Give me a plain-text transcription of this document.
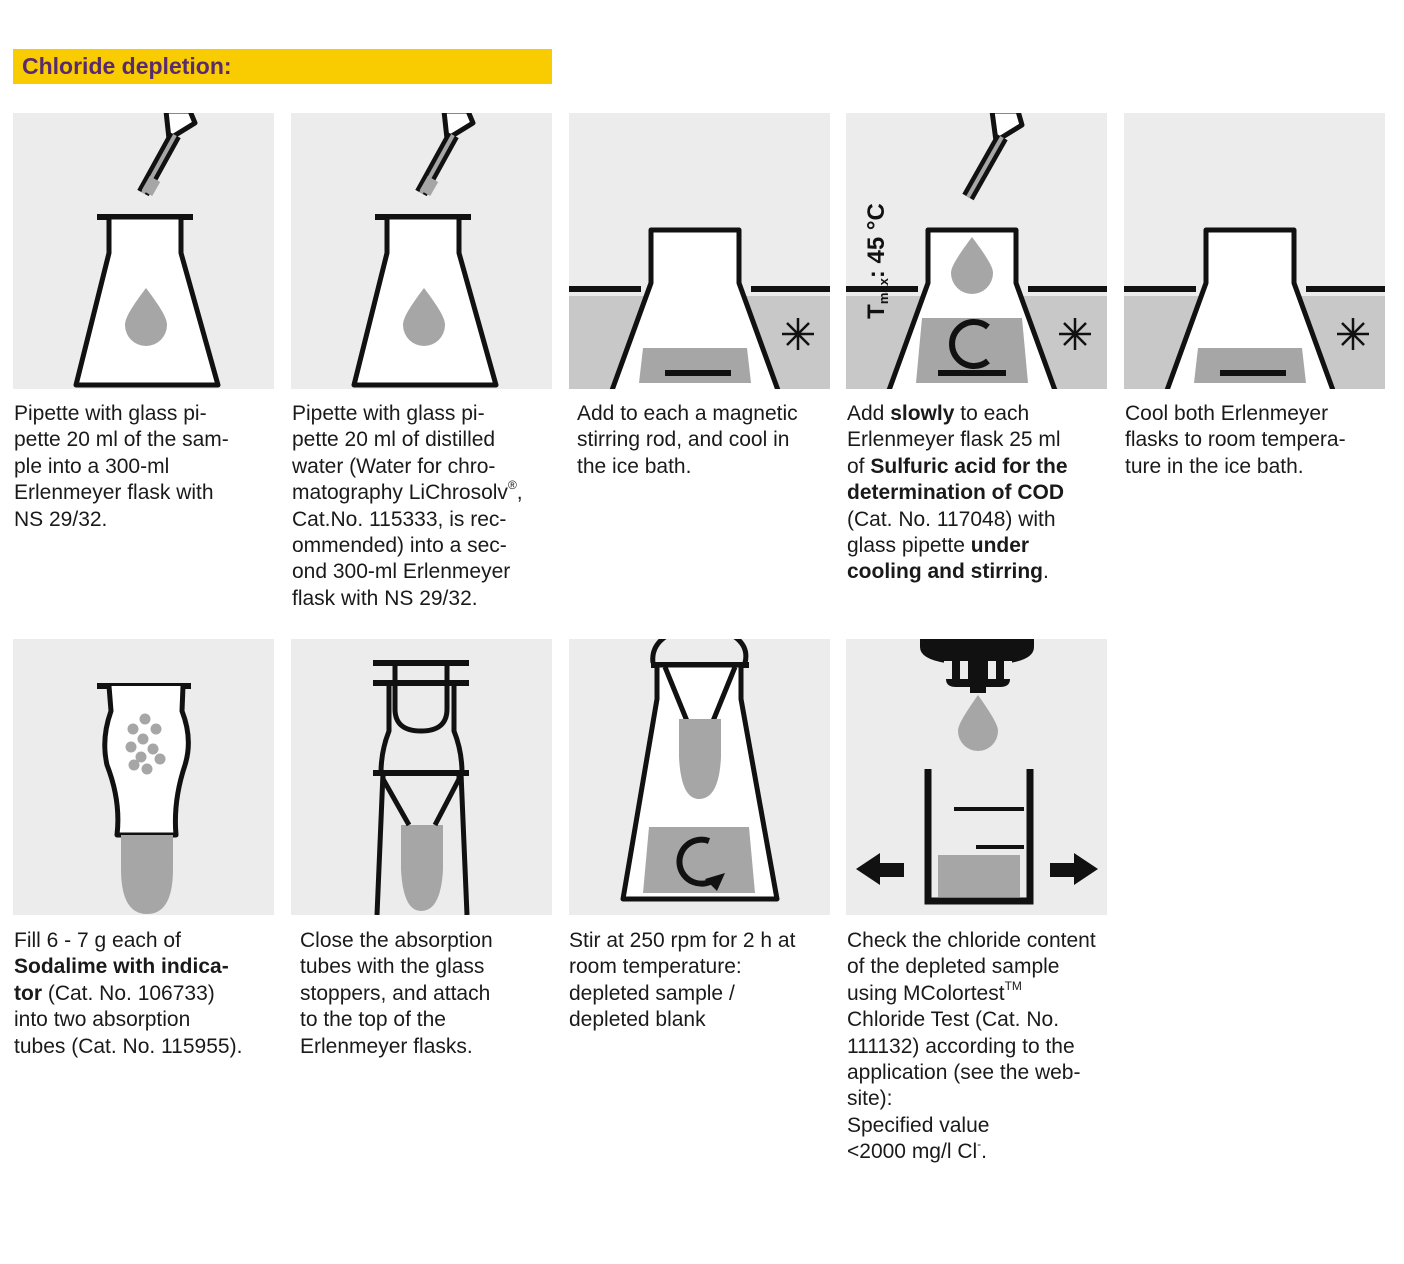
Chloride depletion:
Tmax: 45 °C
Pipette with glass pi-
pette 20 ml of the sam-
ple into a 300-ml
Erlenmeyer flask with
NS 29/32.
Pipette with glass pi-
pette 20 ml of distilled
water (Water for chro-
matography LiChrosolv®,
Cat.No. 115333, is rec-
ommended) into a sec-
ond 300-ml Erlenmeyer
flask with NS 29/32.
Add to each a magnetic
stirring rod, and cool in
the ice bath.
Add slowly to each
Erlenmeyer flask 25 ml
of Sulfuric acid for the
determination of COD
(Cat. No. 117048) with
glass pipette under
cooling and stirring.
Cool both Erlenmeyer
flasks to room tempera-
ture in the ice bath.
Fill 6 - 7 g each of
Sodalime with indica-
tor (Cat. No. 106733)
into two absorption
tubes (Cat. No. 115955).
Close the absorption
tubes with the glass
stoppers, and attach
to the top of the
Erlenmeyer flasks.
Stir at 250 rpm for 2 h at
room temperature:
depleted sample /
depleted blank
Check the chloride content
of the depleted sample
using MColortest™
Chloride Test (Cat. No.
111132) according to the
application (see the web-
site):
Specified value
<2000 mg/l Cl-.
